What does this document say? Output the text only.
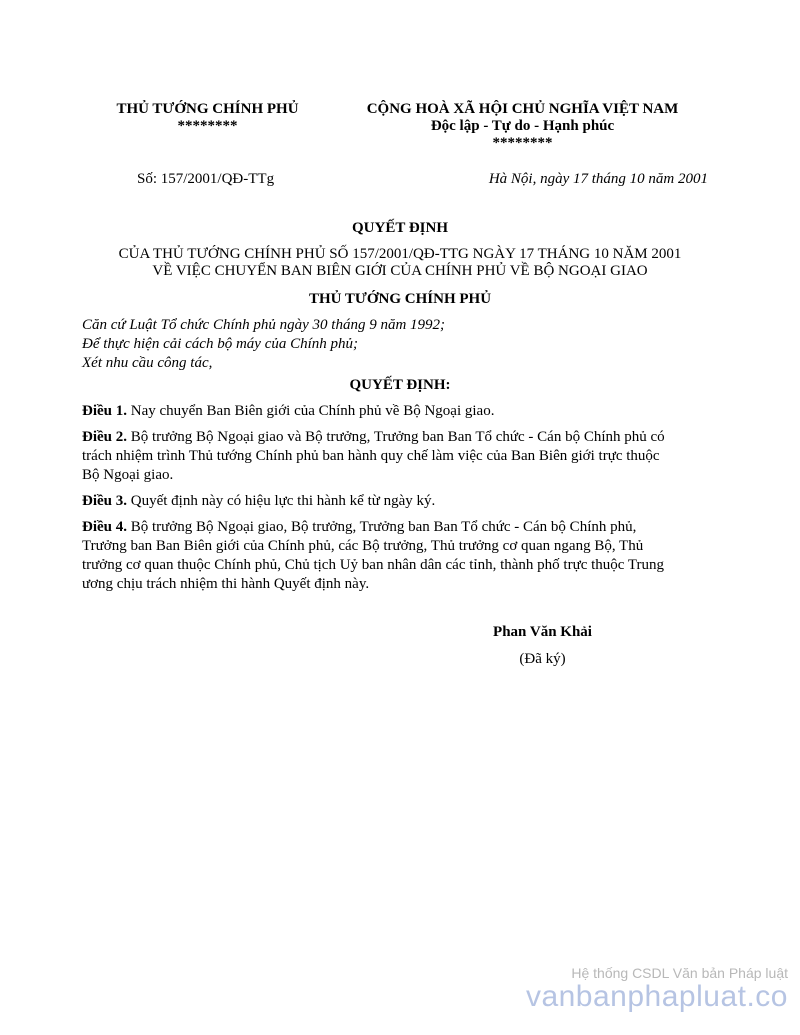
THỦ TƯỚNG CHÍNH PHỦ
********
CỘNG HOÀ XÃ HỘI CHỦ NGHĨA VIỆT NAM
Độc lập - Tự do - Hạnh phúc
********
Số: 157/2001/QĐ-TTg	Hà Nội, ngày 17 tháng 10 năm 2001
QUYẾT ĐỊNH
CỦA THỦ TƯỚNG CHÍNH PHỦ SỐ 157/2001/QĐ-TTG NGÀY 17 THÁNG 10 NĂM 2001
VỀ VIỆC CHUYỂN BAN BIÊN GIỚI CỦA CHÍNH PHỦ VỀ BỘ NGOẠI GIAO
THỦ TƯỚNG CHÍNH PHỦ
Căn cứ Luật Tổ chức Chính phủ ngày 30 tháng 9 năm 1992;
Để thực hiện cải cách bộ máy của Chính phủ;
Xét nhu cầu công tác,
QUYẾT ĐỊNH:
Điều 1. Nay chuyển Ban Biên giới của Chính phủ về Bộ Ngoại giao.
Điều 2. Bộ trưởng Bộ Ngoại giao và Bộ trưởng, Trưởng ban Ban Tổ chức - Cán bộ Chính phủ có
trách nhiệm trình Thủ tướng Chính phủ ban hành quy chế làm việc của Ban Biên giới trực thuộc
Bộ Ngoại giao.
Điều 3. Quyết định này có hiệu lực thi hành kể từ ngày ký.
Điều 4. Bộ trưởng Bộ Ngoại giao, Bộ trưởng, Trưởng ban Ban Tổ chức - Cán bộ Chính phủ,
Trưởng ban Ban Biên giới của Chính phủ, các Bộ trưởng, Thủ trưởng cơ quan ngang Bộ, Thủ
trưởng cơ quan thuộc Chính phủ, Chủ tịch Uỷ ban nhân dân các tỉnh, thành phố trực thuộc Trung
ương chịu trách nhiệm thi hành Quyết định này.
Phan Văn Khải
(Đã ký)
Hệ thống CSDL Văn bản Pháp luật
vanbanphapluat.co
